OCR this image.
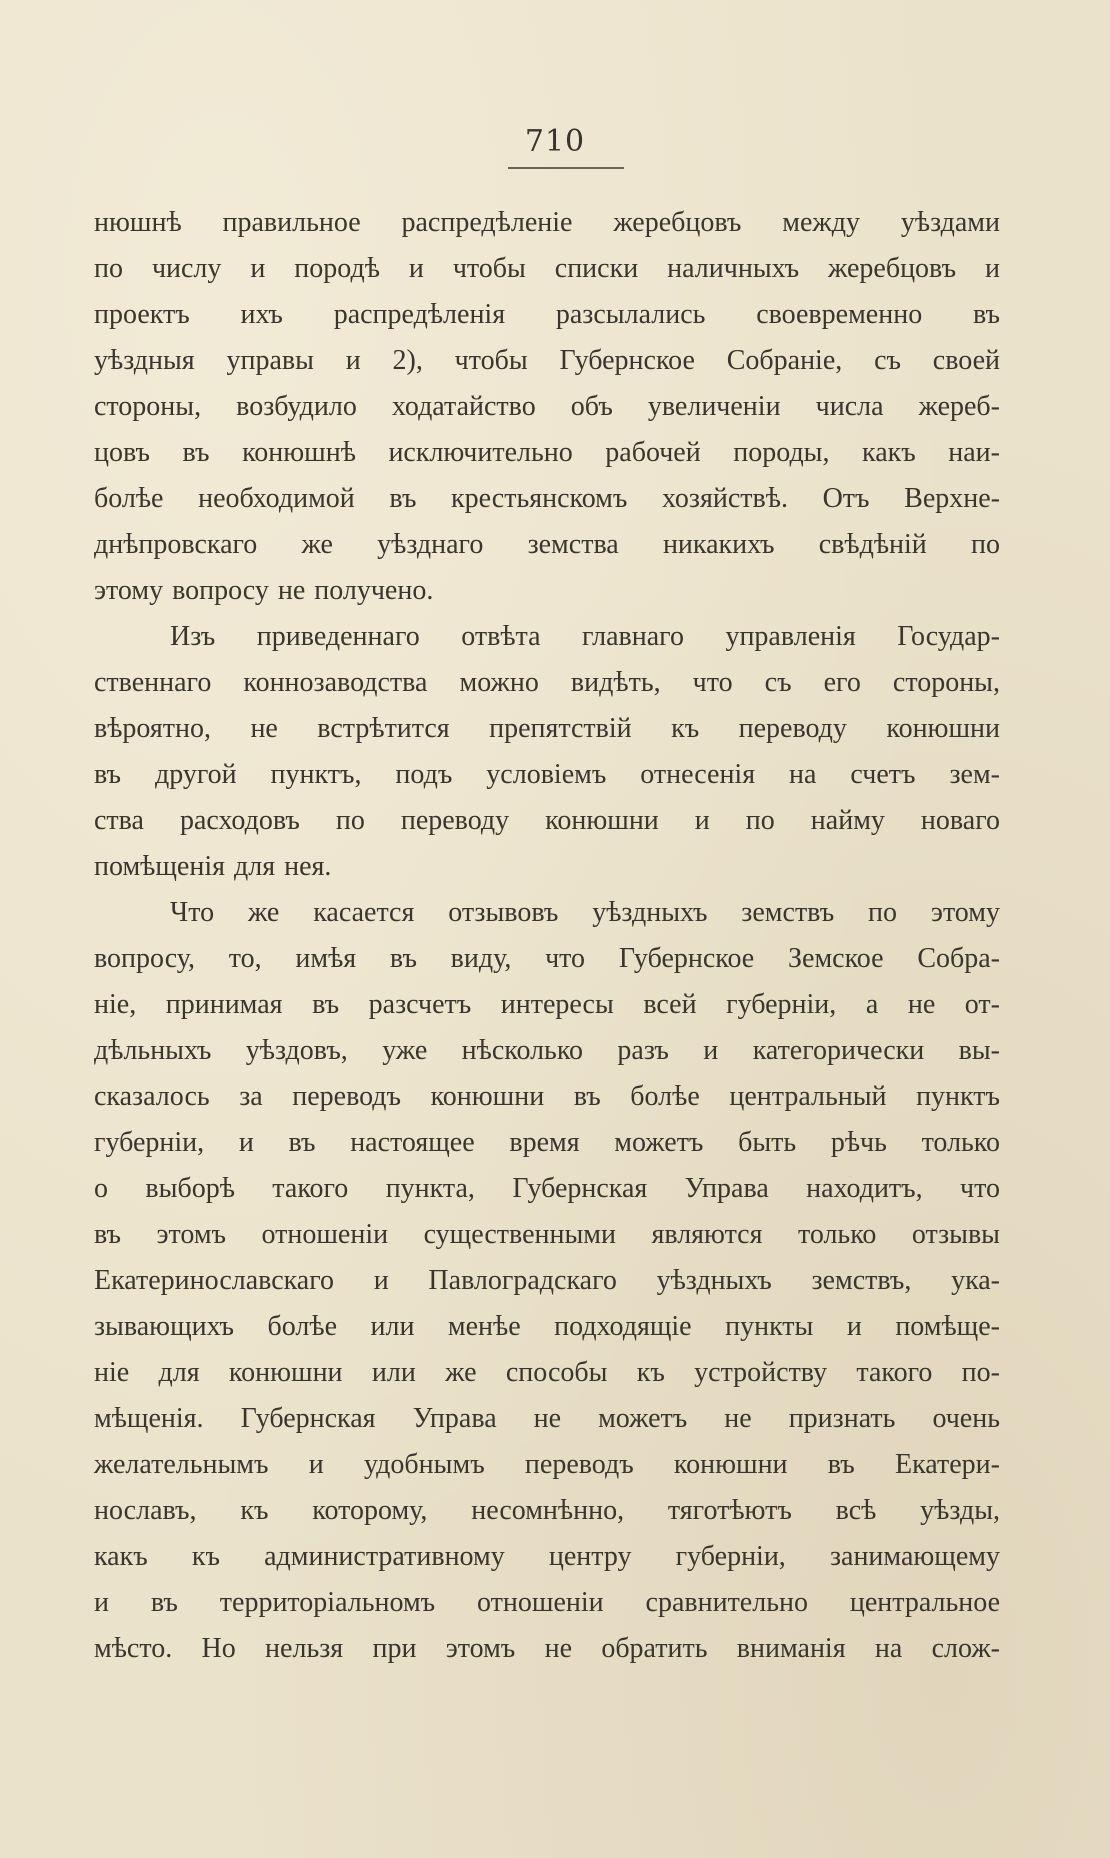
710
нюшнѣ правильное распредѣленіе жеребцовъ между уѣздами
по числу и породѣ и чтобы списки наличныхъ жеребцовъ и
проектъ ихъ распредѣленія разсылались своевременно въ
уѣздныя управы и 2), чтобы Губернское Собраніе, съ своей
стороны, возбудило ходатайство объ увеличеніи числа жереб-
цовъ въ конюшнѣ исключительно рабочей породы, какъ наи-
болѣе необходимой въ крестьянскомъ хозяйствѣ. Отъ Верхне-
днѣпровскаго же уѣзднаго земства никакихъ свѣдѣній по
этому вопросу не получено.
Изъ приведеннаго отвѣта главнаго управленія Государ-
ственнаго коннозаводства можно видѣть, что съ его стороны,
вѣроятно, не встрѣтится препятствій къ переводу конюшни
въ другой пунктъ, подъ условіемъ отнесенія на счетъ зем-
ства расходовъ по переводу конюшни и по найму новаго
помѣщенія для нея.
Что же касается отзывовъ уѣздныхъ земствъ по этому
вопросу, то, имѣя въ виду, что Губернское Земское Собра-
ніе, принимая въ разсчетъ интересы всей губерніи, а не от-
дѣльныхъ уѣздовъ, уже нѣсколько разъ и категорически вы-
сказалось за переводъ конюшни въ болѣе центральный пунктъ
губерніи, и въ настоящее время можетъ быть рѣчь только
о выборѣ такого пункта, Губернская Управа находитъ, что
въ этомъ отношеніи существенными являются только отзывы
Екатеринославскаго и Павлоградскаго уѣздныхъ земствъ, ука-
зывающихъ болѣе или менѣе подходящіе пункты и помѣще-
ніе для конюшни или же способы къ устройству такого по-
мѣщенія. Губернская Управа не можетъ не признать очень
желательнымъ и удобнымъ переводъ конюшни въ Екатери-
нославъ, къ которому, несомнѣнно, тяготѣютъ всѣ уѣзды,
какъ къ административному центру губерніи, занимающему
и въ территоріальномъ отношеніи сравнительно центральное
мѣсто. Но нельзя при этомъ не обратить вниманія на слож-
